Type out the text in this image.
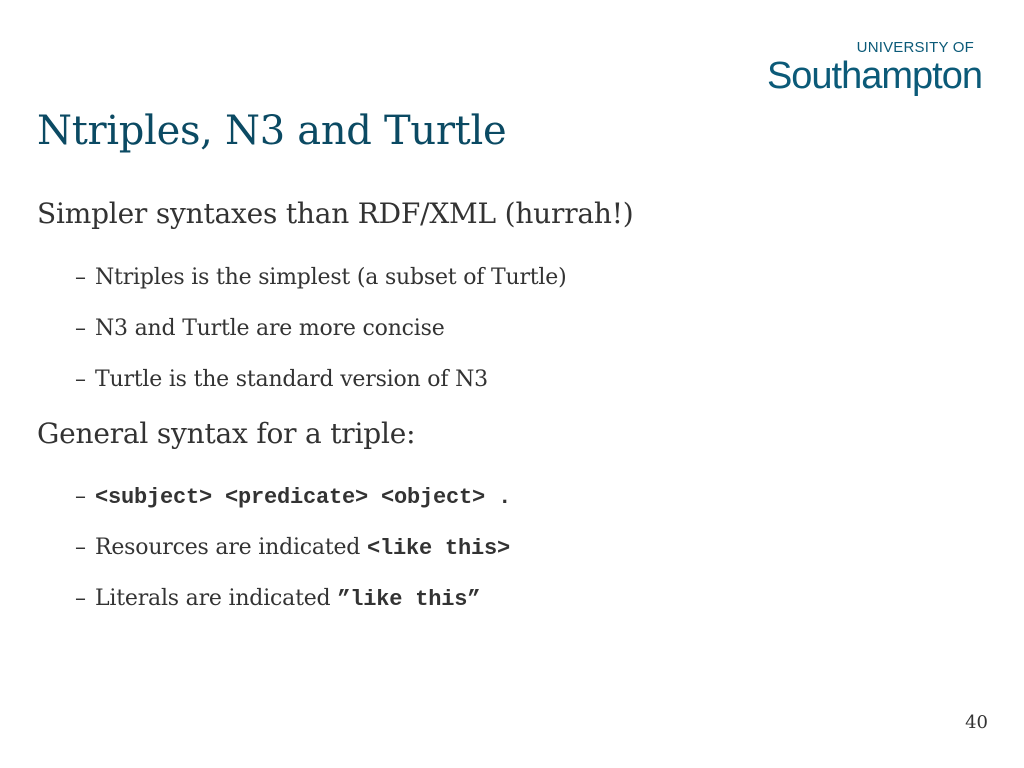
UNIVERSITY OF
Southampton
Ntriples, N3 and Turtle
Simpler syntaxes than RDF/XML (hurrah!)
– Ntriples is the simplest (a subset of Turtle)
– N3 and Turtle are more concise
– Turtle is the standard version of N3
General syntax for a triple:
– <subject> <predicate> <object> .
– Resources are indicated <like this>
– Literals are indicated ”like this”
40
